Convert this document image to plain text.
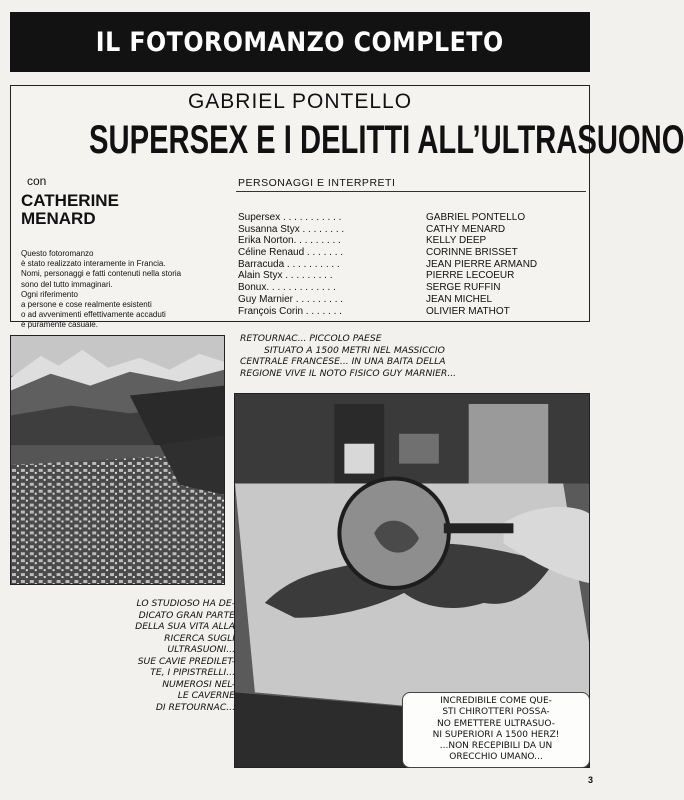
IL FOTOROMANZO COMPLETO
GABRIEL PONTELLO
SUPERSEX E I DELITTI ALL’ULTRASUONO
con
CATHERINE
MENARD
Questo fotoromanzo
è stato realizzato interamente in Francia.
Nomi, personaggi e fatti contenuti nella storia
sono del tutto immaginari.
Ogni riferimento
a persone e cose realmente esistenti
o ad avvenimenti effettivamente accaduti
è puramente casuale.
PERSONAGGI E INTERPRETI
Supersex . . . . . . . . . . .	GABRIEL PONTELLO
Susanna Styx . . . . . . . .	CATHY MENARD
Erika Norton. . . . . . . . .	KELLY DEEP
Céline Renaud . . . . . . .	CORINNE BRISSET
Barracuda . . . . . . . . . .	JEAN PIERRE ARMAND
Alain Styx . . . . . . . . .	PIERRE LECOEUR
Bonux. . . . . . . . . . . . .	SERGE RUFFIN
Guy Marnier . . . . . . . . .	JEAN MICHEL
François Corin . . . . . . .	OLIVIER MATHOT
RETOURNAC... PICCOLO PAESE
SITUATO A 1500 METRI NEL MASSICCIO
CENTRALE FRANCESE... IN UNA BAITA DELLA
REGIONE VIVE IL NOTO FISICO GUY MARNIER...
LO STUDIOSO HA DE-
DICATO GRAN PARTE
DELLA SUA VITA ALLA
RICERCA SUGLI
ULTRASUONI...
SUE CAVIE PREDILET-
TE, I PIPISTRELLI...
NUMEROSI NEL-
LE CAVERNE
DI RETOURNAC...
INCREDIBILE COME QUE-
STI CHIROTTERI POSSA-
NO EMETTERE ULTRASUO-
NI SUPERIORI A 1500 HERZ!
...NON RECEPIBILI DA UN
ORECCHIO UMANO...
3
